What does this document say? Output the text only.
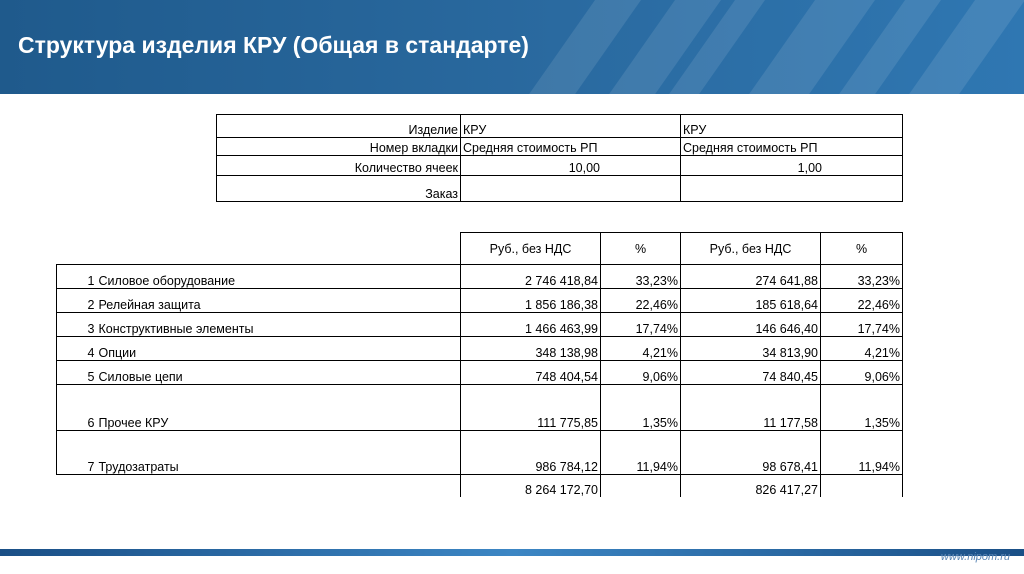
Структура изделия КРУ (Общая в стандарте)
Изделие	КРУ	КРУ
Номер вкладки	Средняя стоимость РП	Средняя стоимость РП
Количество ячеек	10,00	1,00
Заказ		
		Руб., без НДС	%	Руб., без НДС	%
1	Силовое оборудование	2 746 418,84	33,23%	274 641,88	33,23%
2	Релейная защита	1 856 186,38	22,46%	185 618,64	22,46%
3	Конструктивные элементы	1 466 463,99	17,74%	146 646,40	17,74%
4	Опции	348 138,98	4,21%	34 813,90	4,21%
5	Силовые цепи	748 404,54	9,06%	74 840,45	9,06%
6	Прочее КРУ	111 775,85	1,35%	11 177,58	1,35%
7	Трудозатраты	986 784,12	11,94%	98 678,41	11,94%
		8 264 172,70		826 417,27	
www.nipom.ru
